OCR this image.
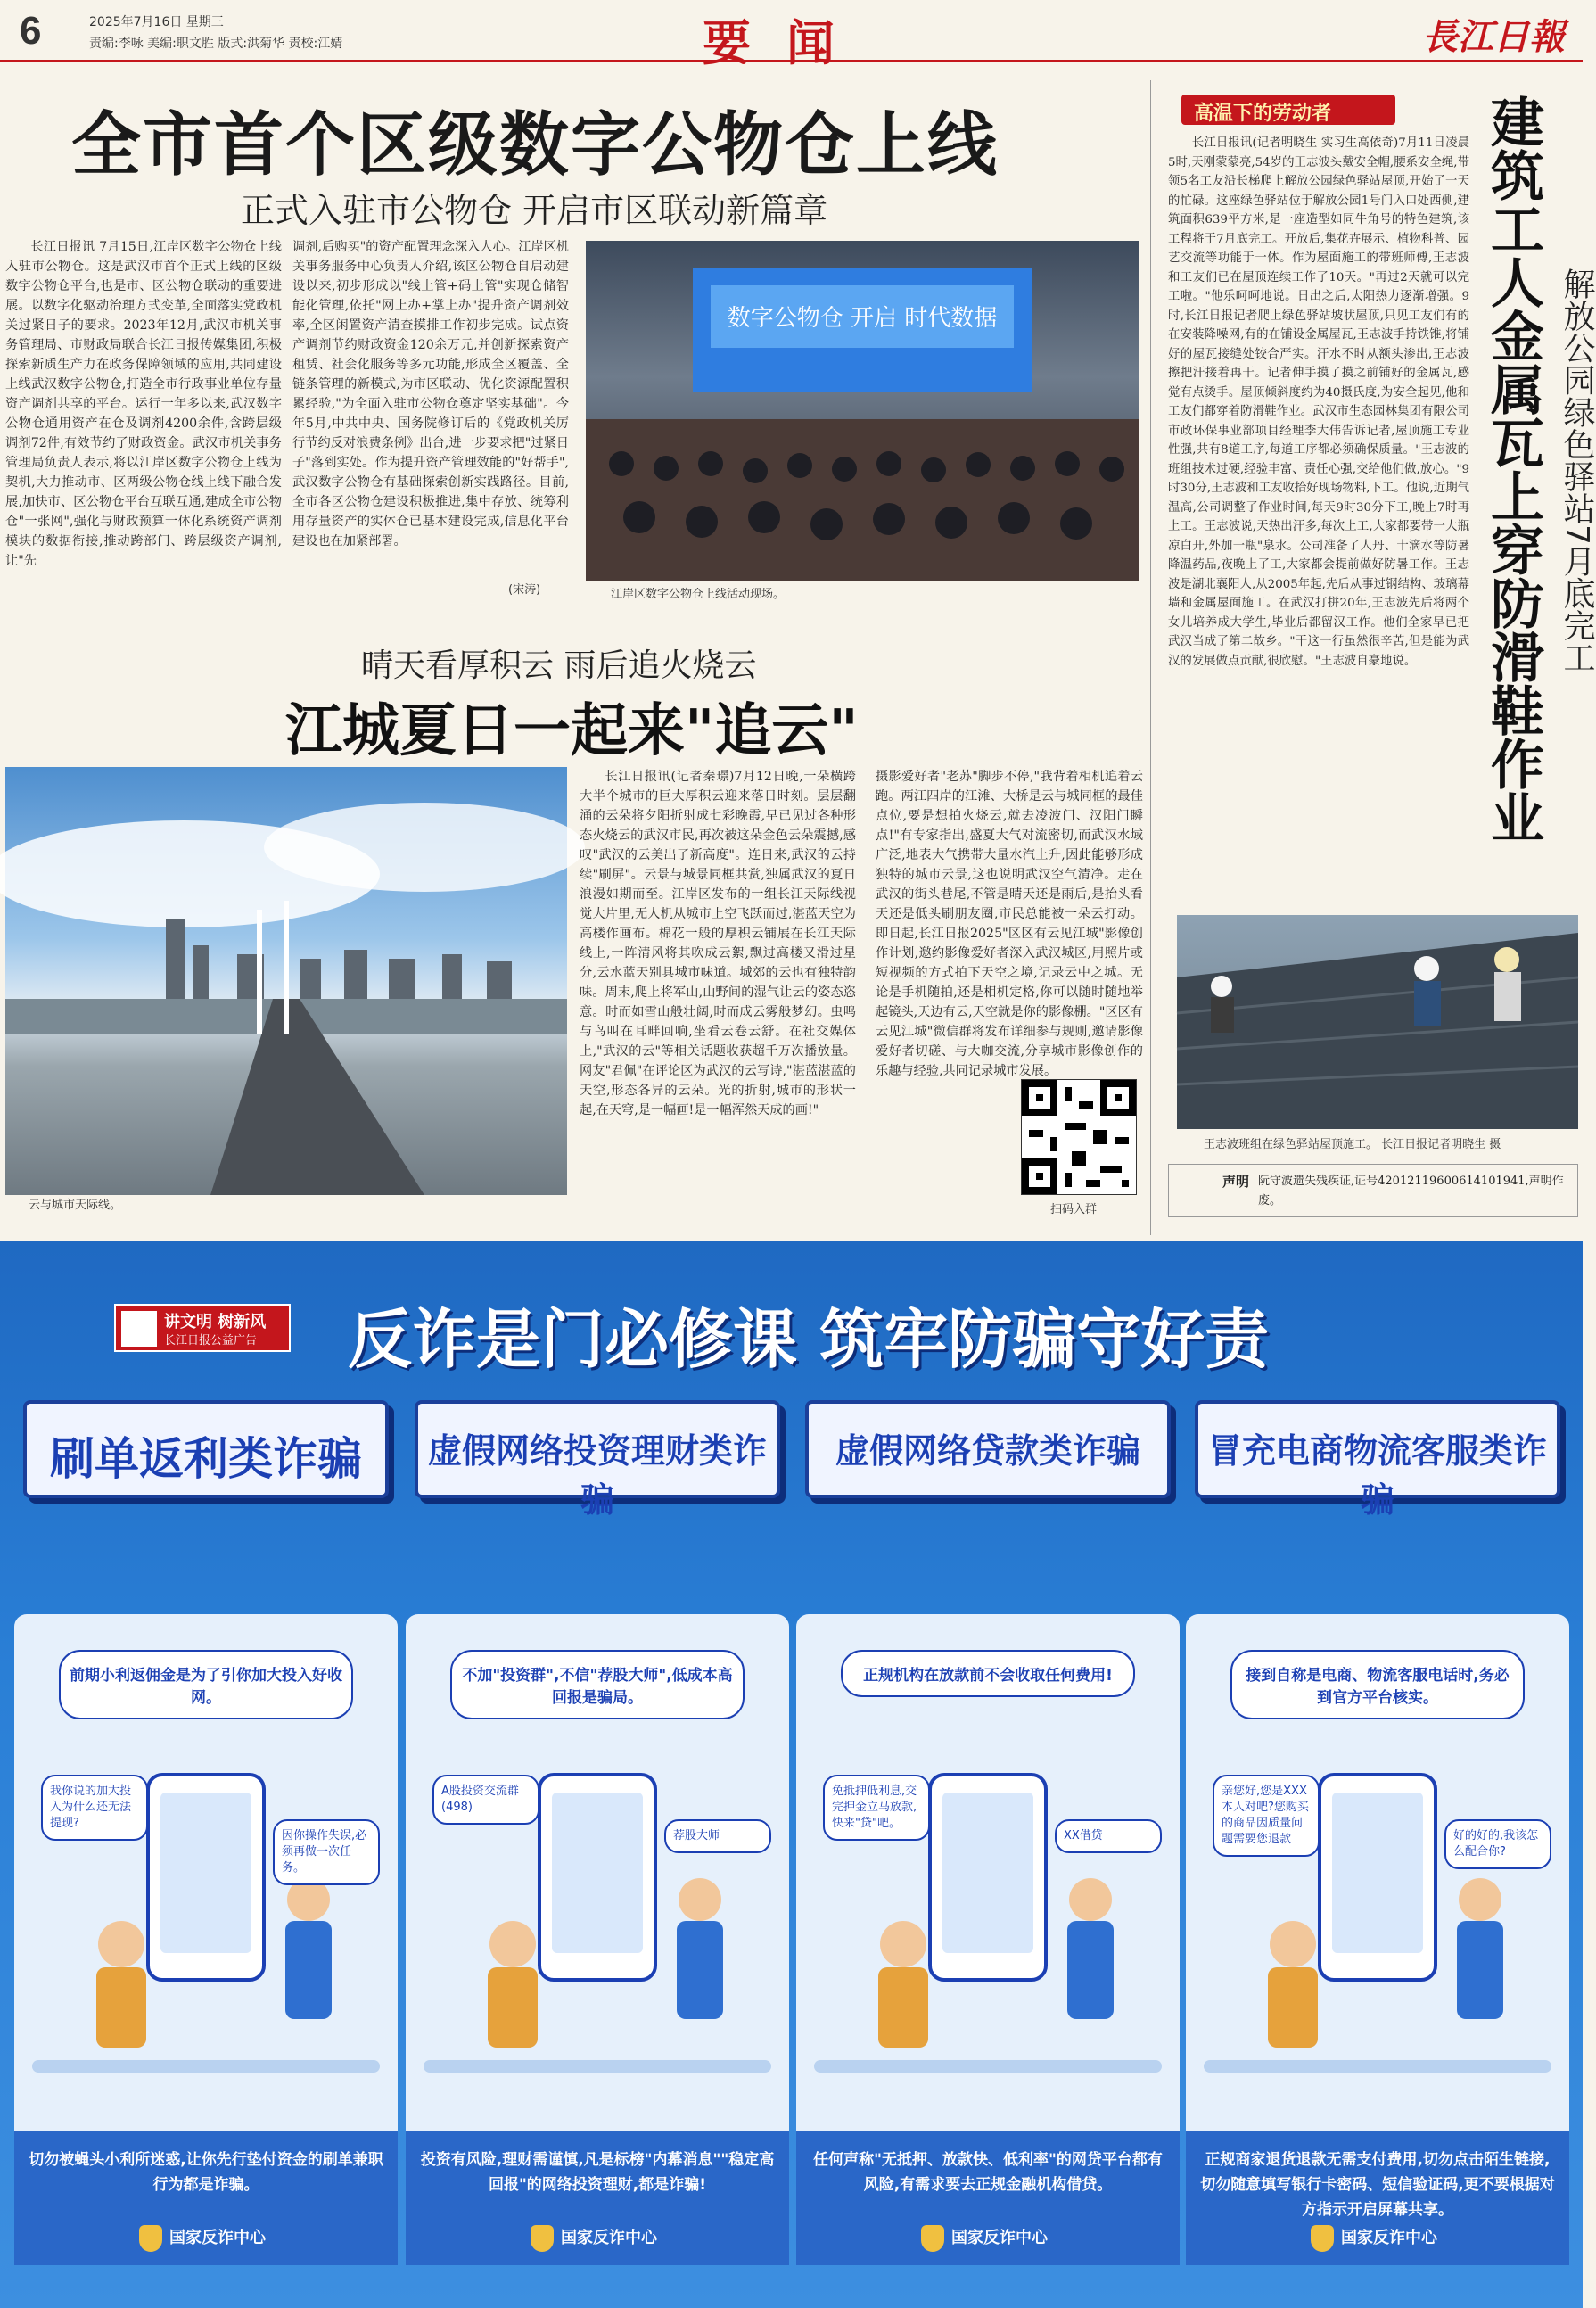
6	2025年7月16日 星期三
责编:李咏 美编:职文胜 版式:洪菊华 责校:江婧	要闻	長江日報
全市首个区级数字公物仓上线
正式入驻市公物仓 开启市区联动新篇章
长江日报讯 7月15日,江岸区数字公物仓上线入驻市公物仓。这是武汉市首个正式上线的区级数字公物仓平台,也是市、区公物仓联动的重要进展。以数字化驱动治理方式变革,全面落实党政机关过紧日子的要求。2023年12月,武汉市机关事务管理局、市财政局联合长江日报传媒集团,积极探索新质生产力在政务保障领域的应用,共同建设上线武汉数字公物仓,打造全市行政事业单位存量资产调剂共享的平台。运行一年多以来,武汉数字公物仓通用资产在仓及调剂4200余件,含跨层级调剂72件,有效节约了财政资金。武汉市机关事务管理局负责人表示,将以江岸区数字公物仓上线为契机,大力推动市、区两级公物仓线上线下融合发展,加快市、区公物仓平台互联互通,建成全市公物仓"一张网",强化与财政预算一体化系统资产调剂模块的数据衔接,推动跨部门、跨层级资产调剂,让"先
调剂,后购买"的资产配置理念深入人心。江岸区机关事务服务中心负责人介绍,该区公物仓自启动建设以来,初步形成以"线上管+码上管"实现仓储智能化管理,依托"网上办+掌上办"提升资产调剂效率,全区闲置资产清查摸排工作初步完成。试点资产调剂节约财政资金120余万元,并创新探索资产租赁、社会化服务等多元功能,形成全区覆盖、全链条管理的新模式,为市区联动、优化资源配置积累经验,"为全面入驻市公物仓奠定坚实基础"。今年5月,中共中央、国务院修订后的《党政机关厉行节约反对浪费条例》出台,进一步要求把"过紧日子"落到实处。作为提升资产管理效能的"好帮手",武汉数字公物仓有基础探索创新实践路径。目前,全市各区公物仓建设积极推进,集中存放、统筹利用存量资产的实体仓已基本建设完成,信息化平台建设也在加紧部署。
(宋涛)
数字公物仓 开启 时代数据
江岸区数字公物仓上线活动现场。
晴天看厚积云 雨后追火烧云
江城夏日一起来"追云"
云与城市天际线。
长江日报讯(记者秦璟)7月12日晚,一朵横跨大半个城市的巨大厚积云迎来落日时刻。层层翻涌的云朵将夕阳折射成七彩晚霞,早已见过各种形态火烧云的武汉市民,再次被这朵金色云朵震撼,感叹"武汉的云美出了新高度"。连日来,武汉的云持续"刷屏"。云景与城景同框共赏,独属武汉的夏日浪漫如期而至。江岸区发布的一组长江天际线视觉大片里,无人机从城市上空飞跃而过,湛蓝天空为高楼作画布。棉花一般的厚积云铺展在长江天际线上,一阵清风将其吹成云絮,飘过高楼又滑过星分,云水蓝天别具城市味道。城郊的云也有独特韵味。周末,爬上将军山,山野间的湿气让云的姿态恣意。时而如雪山般壮阔,时而成云雾般梦幻。虫鸣与鸟叫在耳畔回响,坐看云卷云舒。在社交媒体上,"武汉的云"等相关话题收获超千万次播放量。网友"君佩"在评论区为武汉的云写诗,"湛蓝湛蓝的天空,形态各异的云朵。光的折射,城市的形状一起,在天穹,是一幅画!是一幅浑然天成的画!"
摄影爱好者"老苏"脚步不停,"我背着相机追着云跑。两江四岸的江滩、大桥是云与城同框的最佳点位,要是想拍火烧云,就去凌波门、汉阳门瞬点!"有专家指出,盛夏大气对流密切,而武汉水域广泛,地表大气携带大量水汽上升,因此能够形成独特的城市云景,这也说明武汉空气清净。走在武汉的街头巷尾,不管是晴天还是雨后,是抬头看天还是低头刷朋友圈,市民总能被一朵云打动。即日起,长江日报2025"区区有云见江城"影像创作计划,邀约影像爱好者深入武汉城区,用照片或短视频的方式拍下天空之境,记录云中之城。无论是手机随拍,还是相机定格,你可以随时随地举起镜头,天边有云,天空就是你的影像棚。"区区有云见江城"微信群将发布详细参与规则,邀请影像爱好者切磋、与大咖交流,分享城市影像创作的乐趣与经验,共同记录城市发展。
扫码入群
高温下的劳动者	建筑工人金属瓦上穿防滑鞋作业 解放公园绿色驿站7月底完工
长江日报讯(记者明晓生 实习生高依奇)7月11日凌晨5时,天刚蒙蒙亮,54岁的王志波头戴安全帽,腰系安全绳,带领5名工友沿长梯爬上解放公园绿色驿站屋顶,开始了一天的忙碌。这座绿色驿站位于解放公园1号门入口处西侧,建筑面积639平方米,是一座造型如同牛角号的特色建筑,该工程将于7月底完工。开放后,集花卉展示、植物科普、园艺交流等功能于一体。作为屋面施工的带班师傅,王志波和工友们已在屋顶连续工作了10天。"再过2天就可以完工啦。"他乐呵呵地说。日出之后,太阳热力逐渐增强。9时,长江日报记者爬上绿色驿站坡状屋顶,只见工友们有的在安装降噪网,有的在铺设金属屋瓦,王志波手持铁锥,将铺好的屋瓦接缝处铰合严实。汗水不时从额头渗出,王志波擦把汗接着再干。记者伸手摸了摸之前铺好的金属瓦,感觉有点烫手。屋顶倾斜度约为40摄氏度,为安全起见,他和工友们都穿着防滑鞋作业。武汉市生态园林集团有限公司市政环保事业部项目经理李大伟告诉记者,屋顶施工专业性强,共有8道工序,每道工序都必须确保质量。"王志波的班组技术过硬,经验丰富、责任心强,交给他们做,放心。"9时30分,王志波和工友收拾好现场物料,下工。他说,近期气温高,公司调整了作业时间,每天9时30分下工,晚上7时再上工。王志波说,天热出汗多,每次上工,大家都要带一大瓶凉白开,外加一瓶"泉水。公司准备了人丹、十滴水等防暑降温药品,夜晚上了工,大家都会提前做好防暑工作。王志波是湖北襄阳人,从2005年起,先后从事过钢结构、玻璃幕墙和金属屋面施工。在武汉打拼20年,王志波先后将两个女儿培养成大学生,毕业后都留汉工作。他们全家早已把武汉当成了第二故乡。"干这一行虽然很辛苦,但是能为武汉的发展做点贡献,很欣慰。"王志波自豪地说。
王志波班组在绿色驿站屋顶施工。 长江日报记者明晓生 摄
声明 阮守波遗失残疾证,证号42012119600614101941,声明作废。
讲文明 树新风
长江日报公益广告 反诈是门必修课 筑牢防骗守好责
刷单返利类诈骗
前期小利返佣金是为了引你加大投入好收网。
我你说的加大投入为什么还无法提现?
因你操作失误,必须再做一次任务。
切勿被蝇头小利所迷惑,让你先行垫付资金的刷单兼职行为都是诈骗。
国家反诈中心
虚假网络投资理财类诈骗
不加"投资群",不信"荐股大师",低成本高回报是骗局。
A股投资交流群(498)
荐股大师
投资有风险,理财需谨慎,凡是标榜"内幕消息""稳定高回报"的网络投资理财,都是诈骗!
国家反诈中心
虚假网络贷款类诈骗
正规机构在放款前不会收取任何费用!
免抵押低利息,交完押金立马放款,快来"贷"吧。
XX借贷
任何声称"无抵押、放款快、低利率"的网贷平台都有风险,有需求要去正规金融机构借贷。
国家反诈中心
冒充电商物流客服类诈骗
接到自称是电商、物流客服电话时,务必到官方平台核实。
亲您好,您是XXX本人对吧?您购买的商品因质量问题需要您退款	好的好的,我该怎么配合你?
正规商家退货退款无需支付费用,切勿点击陌生链接,切勿随意填写银行卡密码、短信验证码,更不要根据对方指示开启屏幕共享。
国家反诈中心
